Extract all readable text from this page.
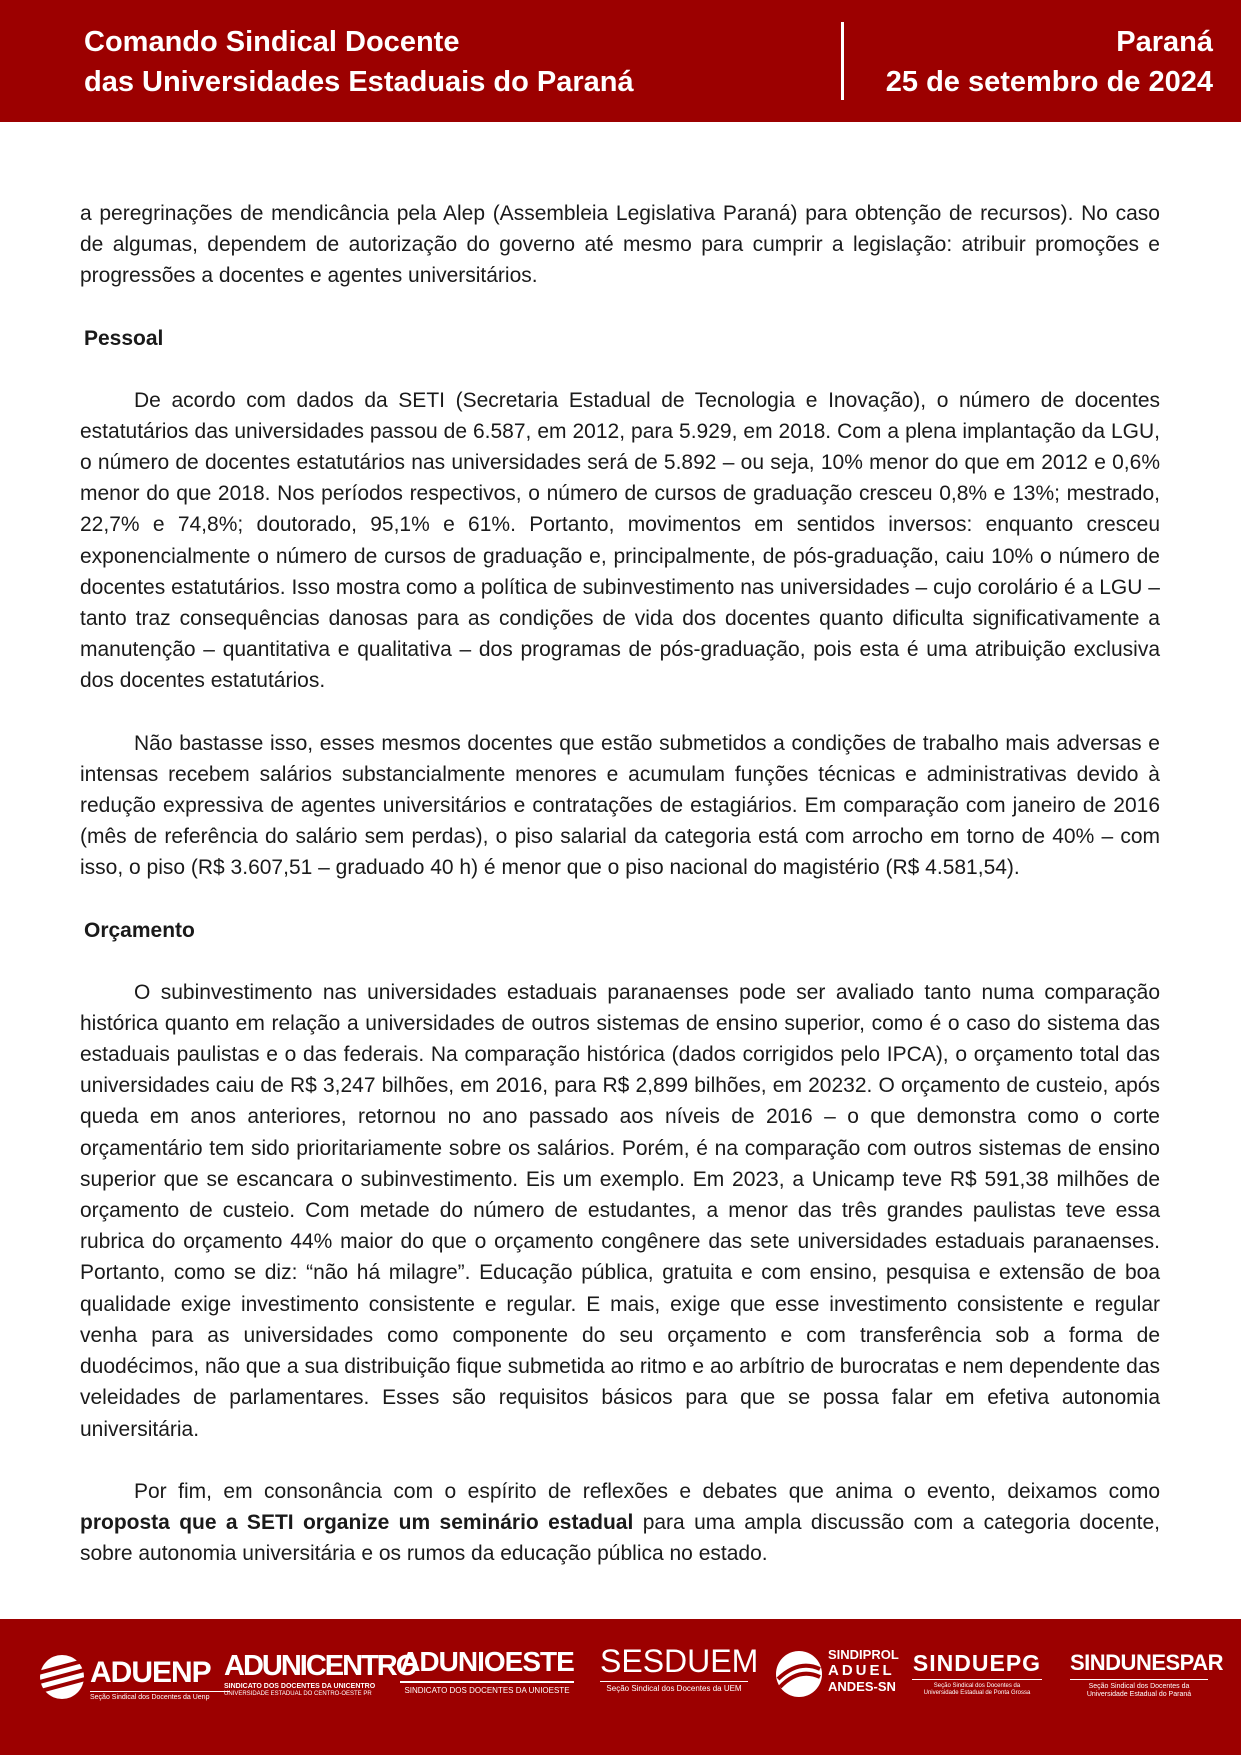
Comando Sindical Docente
das Universidades Estaduais do Paraná
Paraná
25 de setembro de 2024

a peregrinações de mendicância pela Alep (Assembleia Legislativa Paraná) para obtenção de recursos). No caso de algumas, dependem de autorização do governo até mesmo para cumprir a legislação: atribuir promoções e progressões a docentes e agentes universitários.

Pessoal

De acordo com dados da SETI (Secretaria Estadual de Tecnologia e Inovação), o número de docentes estatutários das universidades passou de 6.587, em 2012, para 5.929, em 2018. Com a plena implantação da LGU, o número de docentes estatutários nas universidades será de 5.892 – ou seja, 10% menor do que em 2012 e 0,6% menor do que 2018. Nos períodos respectivos, o número de cursos de graduação cresceu 0,8% e 13%; mestrado, 22,7% e 74,8%; doutorado, 95,1% e 61%. Portanto, movimentos em sentidos inversos: enquanto cresceu exponencialmente o número de cursos de graduação e, principalmente, de pós-graduação, caiu 10% o número de docentes estatutários. Isso mostra como a política de subinvestimento nas universidades – cujo corolário é a LGU – tanto traz consequências danosas para as condições de vida dos docentes quanto dificulta significativamente a manutenção – quantitativa e qualitativa – dos programas de pós-graduação, pois esta é uma atribuição exclusiva dos docentes estatutários.

Não bastasse isso, esses mesmos docentes que estão submetidos a condições de trabalho mais adversas e intensas recebem salários substancialmente menores e acumulam funções técnicas e administrativas devido à redução expressiva de agentes universitários e contratações de estagiários. Em comparação com janeiro de 2016 (mês de referência do salário sem perdas), o piso salarial da categoria está com arrocho em torno de 40% – com isso, o piso (R$ 3.607,51 – graduado 40 h) é menor que o piso nacional do magistério (R$ 4.581,54).

Orçamento

O subinvestimento nas universidades estaduais paranaenses pode ser avaliado tanto numa comparação histórica quanto em relação a universidades de outros sistemas de ensino superior, como é o caso do sistema das estaduais paulistas e o das federais. Na comparação histórica (dados corrigidos pelo IPCA), o orçamento total das universidades caiu de R$ 3,247 bilhões, em 2016, para R$ 2,899 bilhões, em 20232. O orçamento de custeio, após queda em anos anteriores, retornou no ano passado aos níveis de 2016 – o que demonstra como o corte orçamentário tem sido prioritariamente sobre os salários. Porém, é na comparação com outros sistemas de ensino superior que se escancara o subinvestimento. Eis um exemplo. Em 2023, a Unicamp teve R$ 591,38 milhões de orçamento de custeio. Com metade do número de estudantes, a menor das três grandes paulistas teve essa rubrica do orçamento 44% maior do que o orçamento congênere das sete universidades estaduais paranaenses. Portanto, como se diz: “não há milagre”. Educação pública, gratuita e com ensino, pesquisa e extensão de boa qualidade exige investimento consistente e regular. E mais, exige que esse investimento consistente e regular venha para as universidades como componente do seu orçamento e com transferência sob a forma de duodécimos, não que a sua distribuição fique submetida ao ritmo e ao arbítrio de burocratas e nem dependente das veleidades de parlamentares. Esses são requisitos básicos para que se possa falar em efetiva autonomia universitária.

Por fim, em consonância com o espírito de reflexões e debates que anima o evento, deixamos como proposta que a SETI organize um seminário estadual para uma ampla discussão com a categoria docente, sobre autonomia universitária e os rumos da educação pública no estado.

ADUENP
Seção Sindical dos Docentes da Uenp
ADUNICENTRO
SINDICATO DOS DOCENTES DA UNICENTRO
UNIVERSIDADE ESTADUAL DO CENTRO-OESTE PR
ADUNIOESTE
SINDICATO DOS DOCENTES DA UNIOESTE
SESDUEM
Seção Sindical dos Docentes da UEM
SINDIPROL
ADUEL
ANDES-SN
SINDUEPG
Seção Sindical dos Docentes da
Universidade Estadual de Ponta Grossa
SINDUNESPAR
Seção Sindical dos Docentes da
Universidade Estadual do Paraná
